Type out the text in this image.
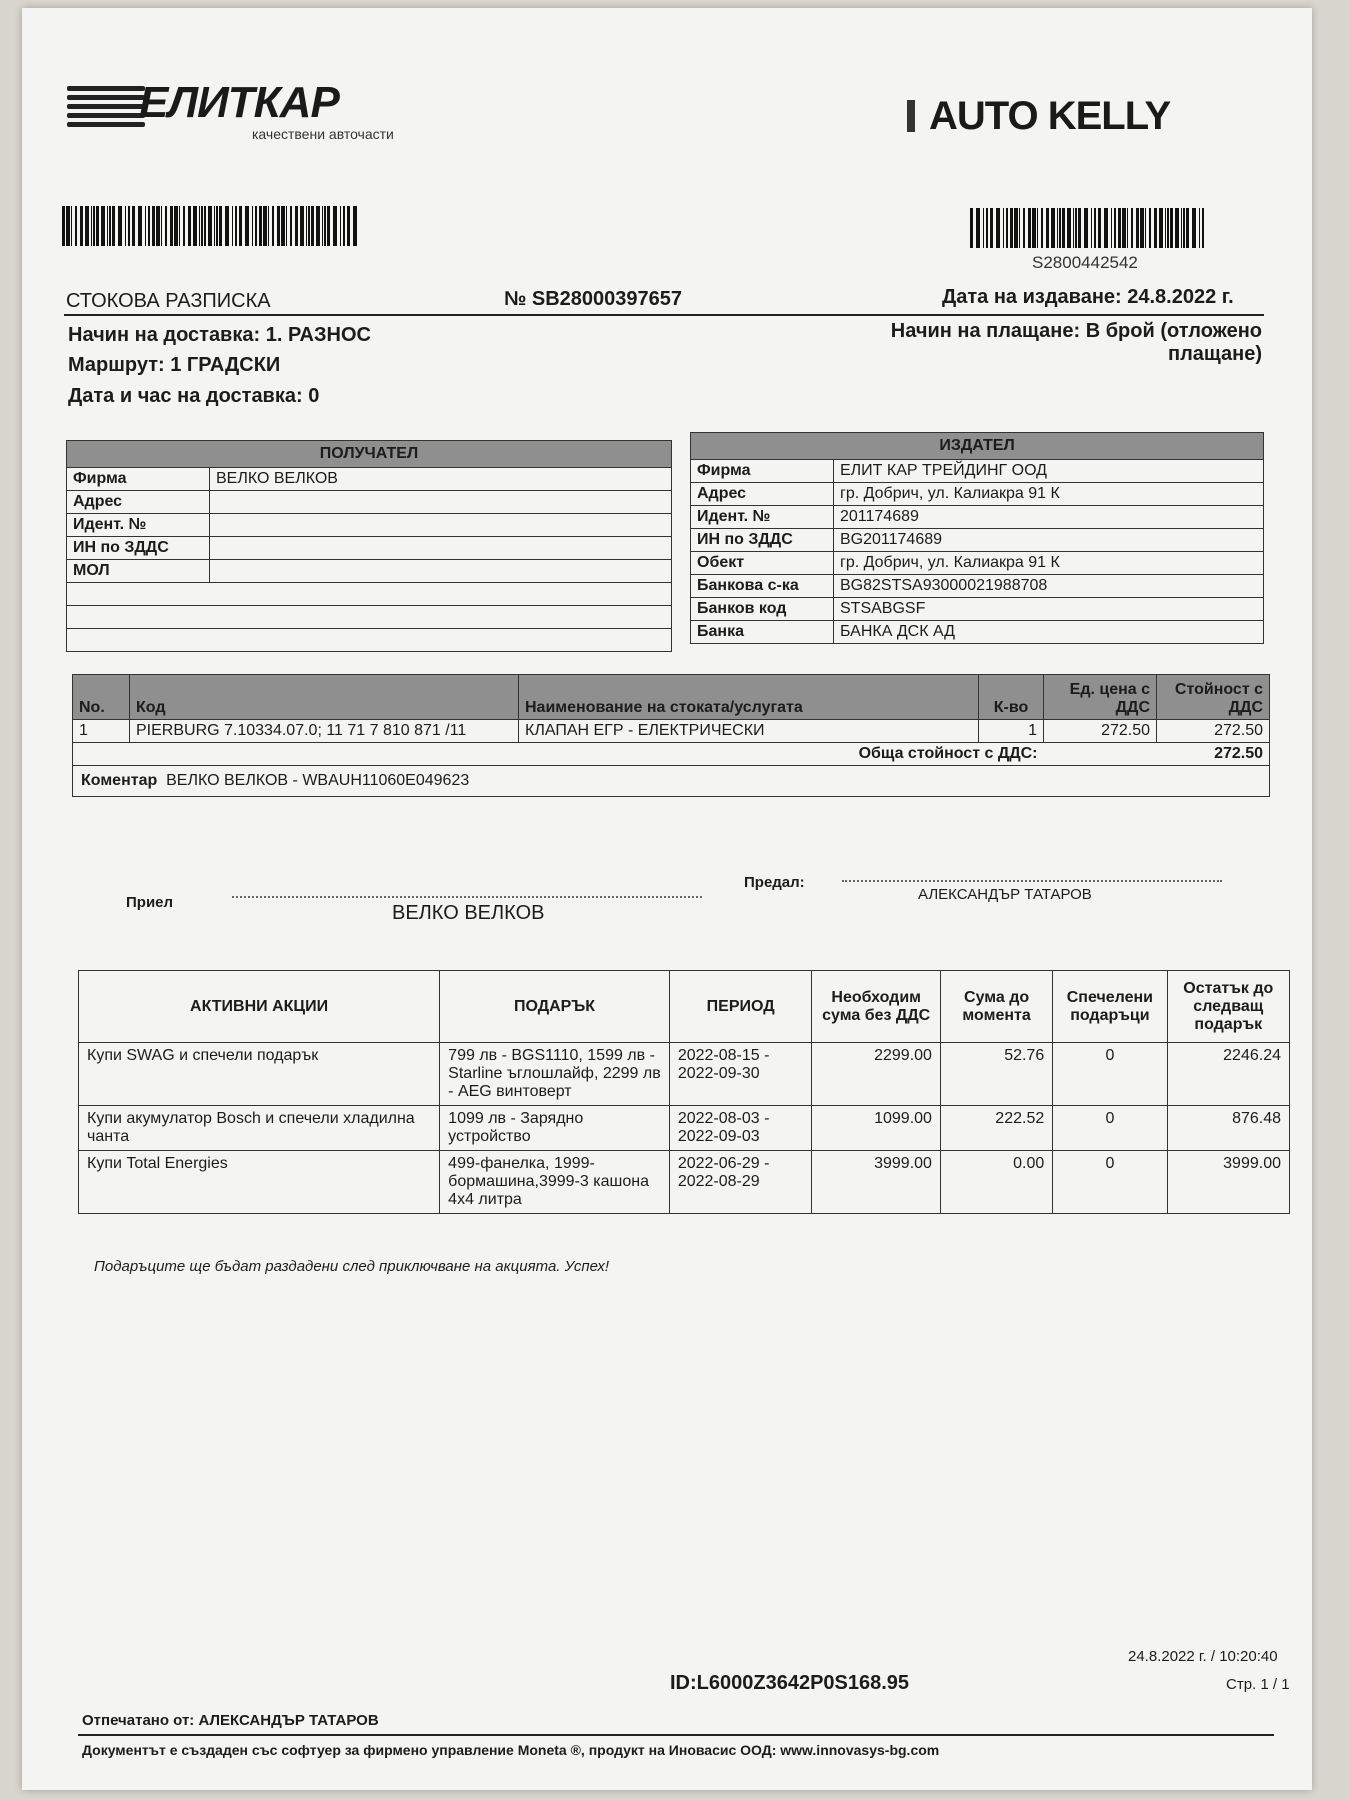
ЕЛИТКАР
качествени авточасти	AUTO KELLY
S2800442542
СТОКОВА РАЗПИСКА	№ SB28000397657	Дата на издаване: 24.8.2022 г.
Начин на доставка: 1. РАЗНОС
Маршрут: 1 ГРАДСКИ
Дата и час на доставка: 0
Начин на плащане: В брой (отложено
плащане)
ПОЛУЧАТЕЛ	
Фирма	ВЕЛКО ВЕЛКОВ
Адрес	
Идент. №	
ИН по ЗДДС	
МОЛ	

ИЗДАТЕЛ	
Фирма	ЕЛИТ КАР ТРЕЙДИНГ ООД
Адрес	гр. Добрич, ул. Калиакра 91 К
Идент. №	201174689
ИН по ЗДДС	BG201174689
Обект	гр. Добрич, ул. Калиакра 91 К
Банкова с-ка	BG82STSA93000021988708
Банков код	STSABGSF
Банка	БАНКА ДСК АД
No.	Код	Наименование на стоката/услугата	К-во	Ед. цена с ДДС	Стойност с ДДС
1	PIERBURG 7.10334.07.0; 11 71 7 810 871 /11	КЛАПАН ЕГР - ЕЛЕКТРИЧЕСКИ	1	272.50	272.50
Обща стойност с ДДС:				272.50	
Коментар ВЕЛКО ВЕЛКОВ - WBAUH11060E049623					
Приел	ВЕЛКО ВЕЛКОВ
Предал:
АЛЕКСАНДЪР ТАТАРОВ
АКТИВНИ АКЦИИ	ПОДАРЪК	ПЕРИОД	Необходим сума без ДДС	Сума до момента	Спечелени подаръци	Остатък до следващ подарък
Купи SWAG и спечели подарък	799 лв - BGS1110, 1599 лв - Starline ъглошлайф, 2299 лв - AEG винтоверт	2022-08-15 - 2022-09-30	2299.00	52.76	0	2246.24
Купи акумулатор Bosch и спечели хладилна чанта	1099 лв - Зарядно устройство	2022-08-03 - 2022-09-03	1099.00	222.52	0	876.48
Купи Total Energies	499-фанелка, 1999-бормашина,3999-3 кашона 4х4 литра	2022-06-29 - 2022-08-29	3999.00	0.00	0	3999.00
Подаръците ще бъдат раздадени след приключване на акцията. Успех!
24.8.2022 г. / 10:20:40
ID:L6000Z3642P0S168.95	Стр. 1 / 1
Отпечатано от: АЛЕКСАНДЪР ТАТАРОВ
Документът е създаден със софтуер за фирмено управление Moneta ®, продукт на Иновасис ООД: www.innovasys-bg.com
